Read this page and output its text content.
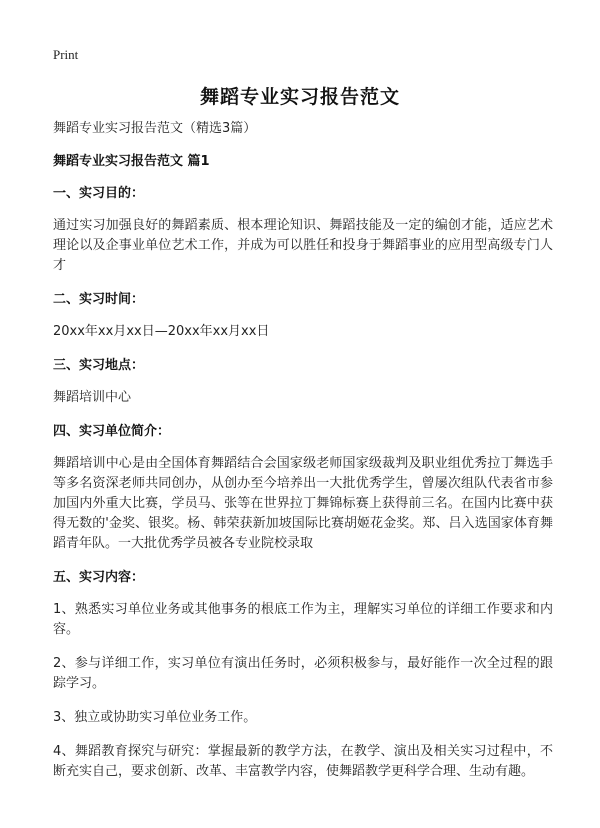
Print
舞蹈专业实习报告范文

舞蹈专业实习报告范文（精选3篇）

舞蹈专业实习报告范文 篇1

一、实习目的：

通过实习加强良好的舞蹈素质、根本理论知识、舞蹈技能及一定的编创才能，适应艺术理论以及企事业单位艺术工作，并成为可以胜任和投身于舞蹈事业的应用型高级专门人才

二、实习时间：

20xx年xx月xx日—20xx年xx月xx日

三、实习地点：

舞蹈培训中心

四、实习单位简介：

舞蹈培训中心是由全国体育舞蹈结合会国家级老师国家级裁判及职业组优秀拉丁舞选手等多名资深老师共同创办，从创办至今培养出一大批优秀学生，曾屡次组队代表省市参加国内外重大比赛，学员马、张等在世界拉丁舞锦标赛上获得前三名。在国内比赛中获得无数的'金奖、银奖。杨、韩荣获新加坡国际比赛胡姬花金奖。郑、吕入选国家体育舞蹈青年队。一大批优秀学员被各专业院校录取

五、实习内容：

1、熟悉实习单位业务或其他事务的根底工作为主，理解实习单位的详细工作要求和内容。

2、参与详细工作，实习单位有演出任务时，必须积极参与，最好能作一次全过程的跟踪学习。

3、独立或协助实习单位业务工作。

4、舞蹈教育探究与研究：掌握最新的教学方法，在教学、演出及相关实习过程中，不断充实自己，要求创新、改革、丰富教学内容，使舞蹈教学更科学合理、生动有趣。
